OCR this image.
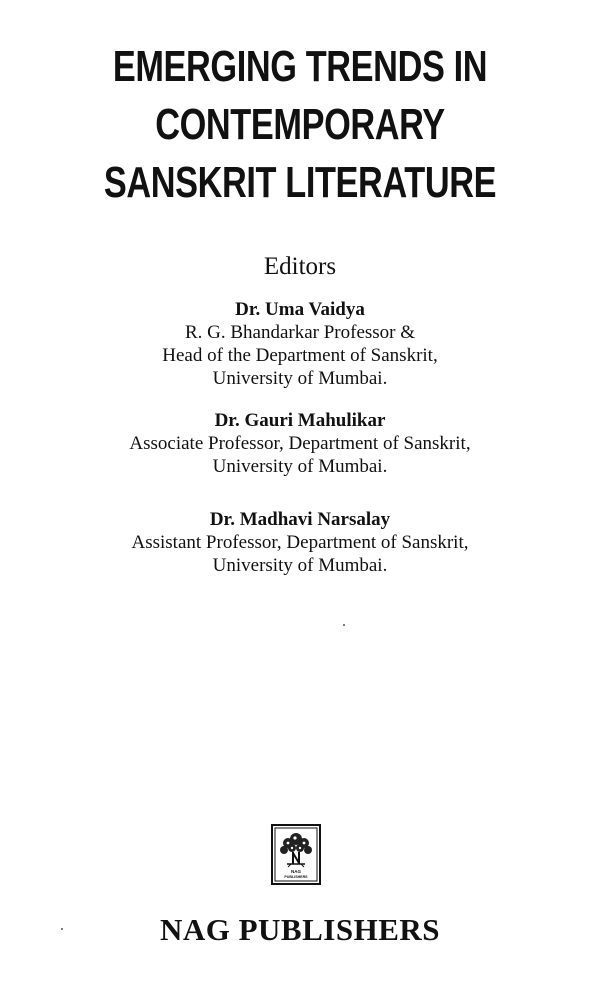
EMERGING TRENDS IN
CONTEMPORARY
SANSKRIT LITERATURE
Editors
Dr. Uma Vaidya
R. G. Bhandarkar Professor &
Head of the Department of Sanskrit,
University of Mumbai.
Dr. Gauri Mahulikar
Associate Professor, Department of Sanskrit,
University of Mumbai.
Dr. Madhavi Narsalay
Assistant Professor, Department of Sanskrit,
University of Mumbai.
NAG
PUBLISHERS
NAG PUBLISHERS
